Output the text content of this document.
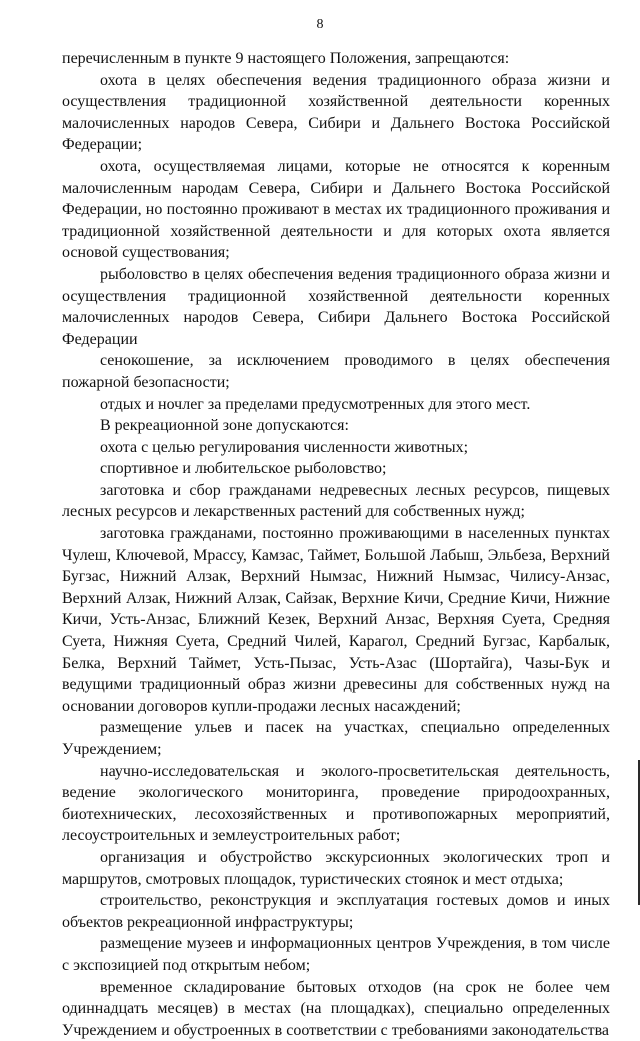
8

перечисленным в пункте 9 настоящего Положения, запрещаются:

охота в целях обеспечения ведения традиционного образа жизни и осуществления традиционной хозяйственной деятельности коренных малочисленных народов Севера, Сибири и Дальнего Востока Российской Федерации;

охота, осуществляемая лицами, которые не относятся к коренным малочисленным народам Севера, Сибири и Дальнего Востока Российской Федерации, но постоянно проживают в местах их традиционного проживания и традиционной хозяйственной деятельности и для которых охота является основой существования;

рыболовство в целях обеспечения ведения традиционного образа жизни и осуществления традиционной хозяйственной деятельности коренных малочисленных народов Севера, Сибири Дальнего Востока Российской Федерации

сенокошение, за исключением проводимого в целях обеспечения пожарной безопасности;

отдых и ночлег за пределами предусмотренных для этого мест.

В рекреационной зоне допускаются:

охота с целью регулирования численности животных;

спортивное и любительское рыболовство;

заготовка и сбор гражданами недревесных лесных ресурсов, пищевых лесных ресурсов и лекарственных растений для собственных нужд;

заготовка гражданами, постоянно проживающими в населенных пунктах Чулеш, Ключевой, Мрассу, Камзас, Таймет, Большой Лабыш, Эльбеза, Верхний Бугзас, Нижний Алзак, Верхний Нымзас, Нижний Нымзас, Чилису-Анзас, Верхний Алзак, Нижний Алзак, Сайзак, Верхние Кичи, Средние Кичи, Нижние Кичи, Усть-Анзас, Ближний Кезек, Верхний Анзас, Верхняя Суета, Средняя Суета, Нижняя Суета, Средний Чилей, Карагол, Средний Бугзас, Карбалык, Белка, Верхний Таймет, Усть-Пызас, Усть-Азас (Шортайга), Чазы-Бук и ведущими традиционный образ жизни древесины для собственных нужд на основании договоров купли-продажи лесных насаждений;

размещение ульев и пасек на участках, специально определенных Учреждением;

научно-исследовательская и эколого-просветительская деятельность, ведение экологического мониторинга, проведение природоохранных, биотехнических, лесохозяйственных и противопожарных мероприятий, лесоустроительных и землеустроительных работ;

организация и обустройство экскурсионных экологических троп и маршрутов, смотровых площадок, туристических стоянок и мест отдыха;

строительство, реконструкция и эксплуатация гостевых домов и иных объектов рекреационной инфраструктуры;

размещение музеев и информационных центров Учреждения, в том числе с экспозицией под открытым небом;

временное складирование бытовых отходов (на срок не более чем одиннадцать месяцев) в местах (на площадках), специально определенных Учреждением и обустроенных в соответствии с требованиями законодательства
